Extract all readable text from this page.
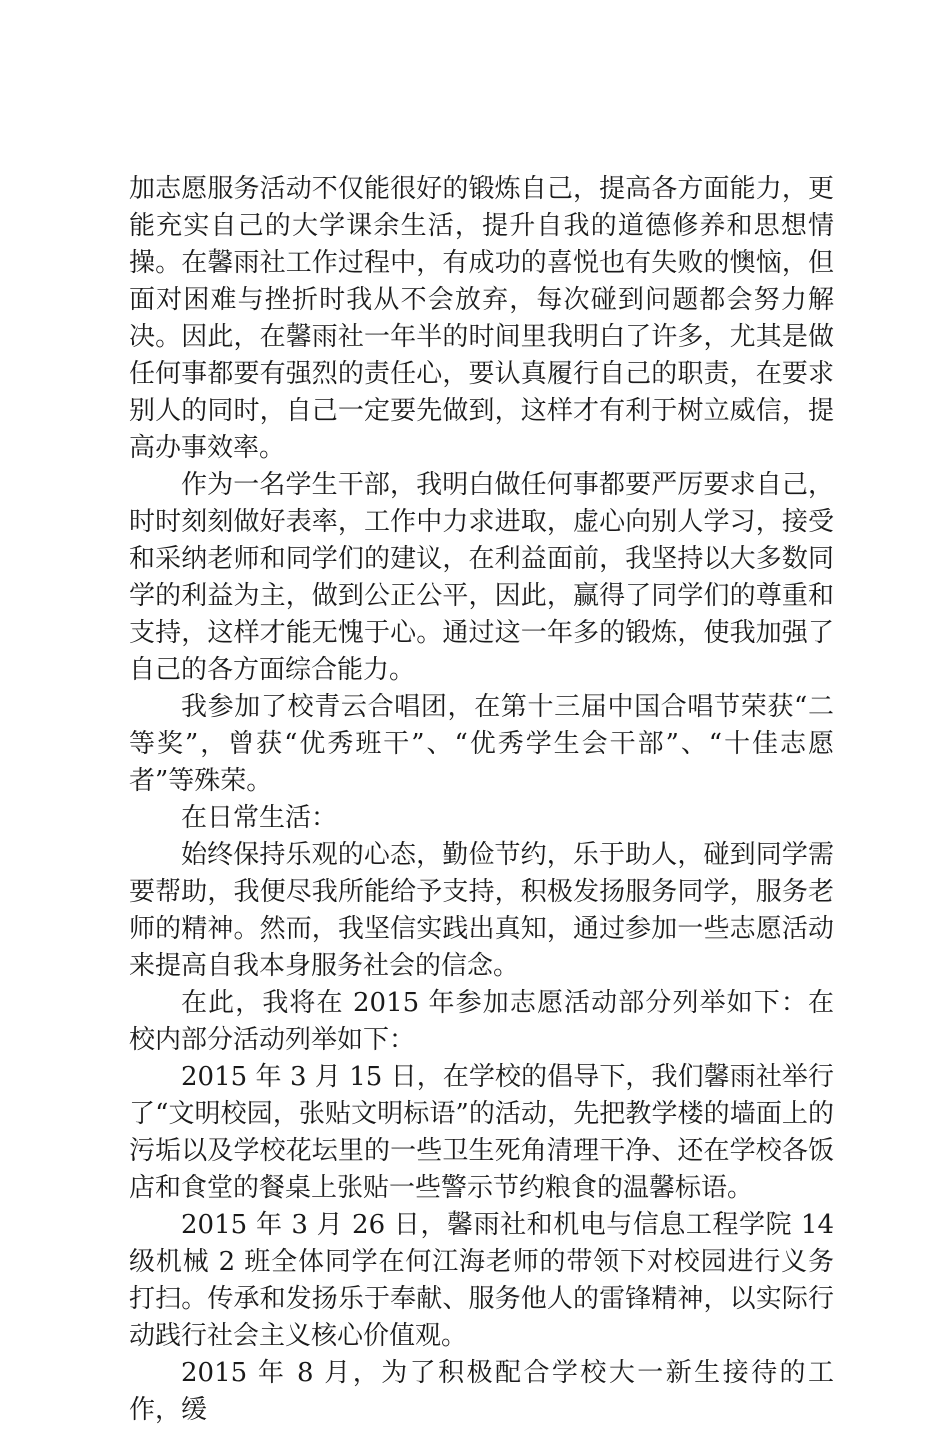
加志愿服务活动不仅能很好的锻炼自己，提高各方面能力，更能充实自己的大学课余生活，提升自我的道德修养和思想情操。在馨雨社工作过程中，有成功的喜悦也有失败的懊恼，但面对困难与挫折时我从不会放弃，每次碰到问题都会努力解决。因此，在馨雨社一年半的时间里我明白了许多，尤其是做任何事都要有强烈的责任心，要认真履行自己的职责，在要求别人的同时，自己一定要先做到，这样才有利于树立威信，提高办事效率。

作为一名学生干部，我明白做任何事都要严厉要求自己，时时刻刻做好表率，工作中力求进取，虚心向别人学习，接受和采纳老师和同学们的建议，在利益面前，我坚持以大多数同学的利益为主，做到公正公平，因此，赢得了同学们的尊重和支持，这样才能无愧于心。通过这一年多的锻炼，使我加强了自己的各方面综合能力。

我参加了校青云合唱团，在第十三届中国合唱节荣获“二等奖”，曾获“优秀班干”、“优秀学生会干部”、“十佳志愿者”等殊荣。

在日常生活：

始终保持乐观的心态，勤俭节约，乐于助人，碰到同学需要帮助，我便尽我所能给予支持，积极发扬服务同学，服务老师的精神。然而，我坚信实践出真知，通过参加一些志愿活动来提高自我本身服务社会的信念。

在此，我将在 2015 年参加志愿活动部分列举如下：在校内部分活动列举如下：

2015 年 3 月 15 日，在学校的倡导下，我们馨雨社举行了“文明校园，张贴文明标语”的活动，先把教学楼的墙面上的污垢以及学校花坛里的一些卫生死角清理干净、还在学校各饭店和食堂的餐桌上张贴一些警示节约粮食的温馨标语。

2015 年 3 月 26 日，馨雨社和机电与信息工程学院 14 级机械 2 班全体同学在何江海老师的带领下对校园进行义务打扫。传承和发扬乐于奉献、服务他人的雷锋精神，以实际行动践行社会主义核心价值观。

2015 年 8 月，为了积极配合学校大一新生接待的工作，缓
